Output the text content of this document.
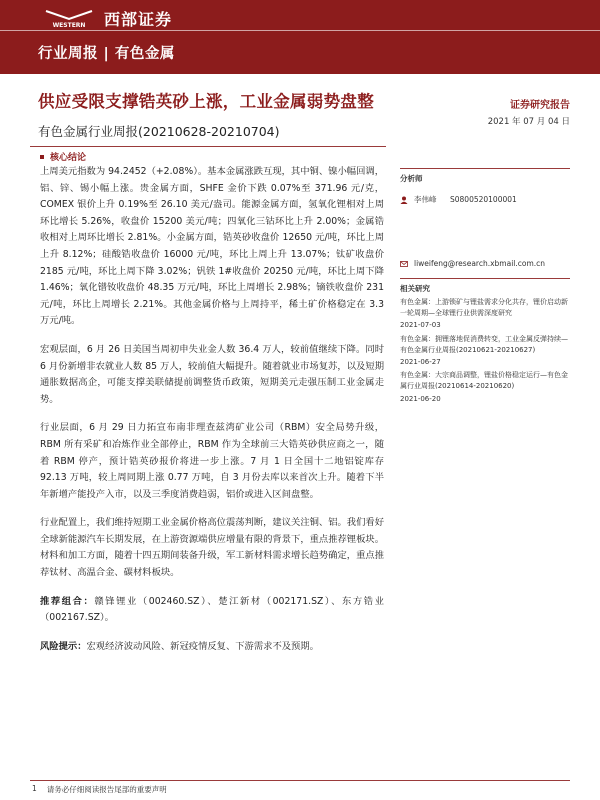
WESTERN 西部证券
行业周报 | 有色金属
供应受限支撑锆英砂上涨，工业金属弱势盘整	证券研究报告
2021 年 07 月 04 日
有色金属行业周报(20210628-20210704)
核心结论

上周美元指数为 94.2452（+2.08%）。基本金属涨跌互现，其中铜、镍小幅回调，铝、锌、锡小幅上涨。贵金属方面，SHFE 金价下跌 0.07%至 371.96 元/克，COMEX 银价上升 0.19%至 26.10 美元/盎司。能源金属方面，氢氧化锂相对上周环比增长 5.26%，收盘价 15200 美元/吨；四氧化三钴环比上升 2.00%；金属锆收相对上周环比增长 2.81%。小金属方面，锆英砂收盘价 12650 元/吨，环比上周上升 8.12%；硅酸锆收盘价 16000 元/吨，环比上周上升 13.07%；钛矿收盘价 2185 元/吨，环比上周下降 3.02%；钒铁 1#收盘价 20250 元/吨，环比上周下降 1.46%；氧化镨钕收盘价 48.35 万元/吨，环比上周增长 2.98%；镝铁收盘价 231 元/吨，环比上周增长 2.21%。其他金属价格与上周持平，稀土矿价格稳定在 3.3 万元/吨。

宏观层面，6 月 26 日美国当周初申失业金人数 36.4 万人，较前值继续下降。同时 6 月份新增非农就业人数 85 万人，较前值大幅提升。随着就业市场复苏，以及短期通胀数据高企，可能支撑美联储提前调整货币政策，短期美元走强压制工业金属走势。

行业层面，6 月 29 日力拓宣布南非理查兹湾矿业公司（RBM）安全局势升级，RBM 所有采矿和冶炼作业全部停止，RBM 作为全球前三大锆英砂供应商之一，随着 RBM 停产，预计锆英砂报价将进一步上涨。7 月 1 日全国十二地铝锭库存 92.13 万吨，较上周同期上涨 0.77 万吨，自 3 月份去库以来首次上升。随着下半年新增产能投产入市，以及三季度消费趋弱，铝价或进入区间盘整。

行业配置上，我们维持短期工业金属价格高位震荡判断，建议关注铜、铝。我们看好全球新能源汽车长期发展，在上游资源端供应增量有限的背景下，重点推荐锂板块。材料和加工方面，随着十四五期间装备升级，军工新材料需求增长趋势确定，重点推荐钛材、高温合金、碳材料板块。

推荐组合：赣锋锂业（002460.SZ）、楚江新材（002171.SZ）、东方锆业（002167.SZ）。

风险提示：宏观经济波动风险、新冠疫情反复、下游需求不及预期。

分析师
李伟峰	S0800520100001
liweifeng@research.xbmail.com.cn
相关研究
有色金属：上游锁矿与锂盐需求分化共存，锂价启动新一轮周期—全球锂行业供需深度研究
2021-07-03
有色金属：拥锂落地促消费转变，工业金属反弹持续—有色金属行业周报(20210621-20210627)
2021-06-27
有色金属：大宗商品调整，锂盐价格稳定运行—有色金属行业周报(20210614-20210620)
2021-06-20
1 请务必仔细阅读报告尾部的重要声明
